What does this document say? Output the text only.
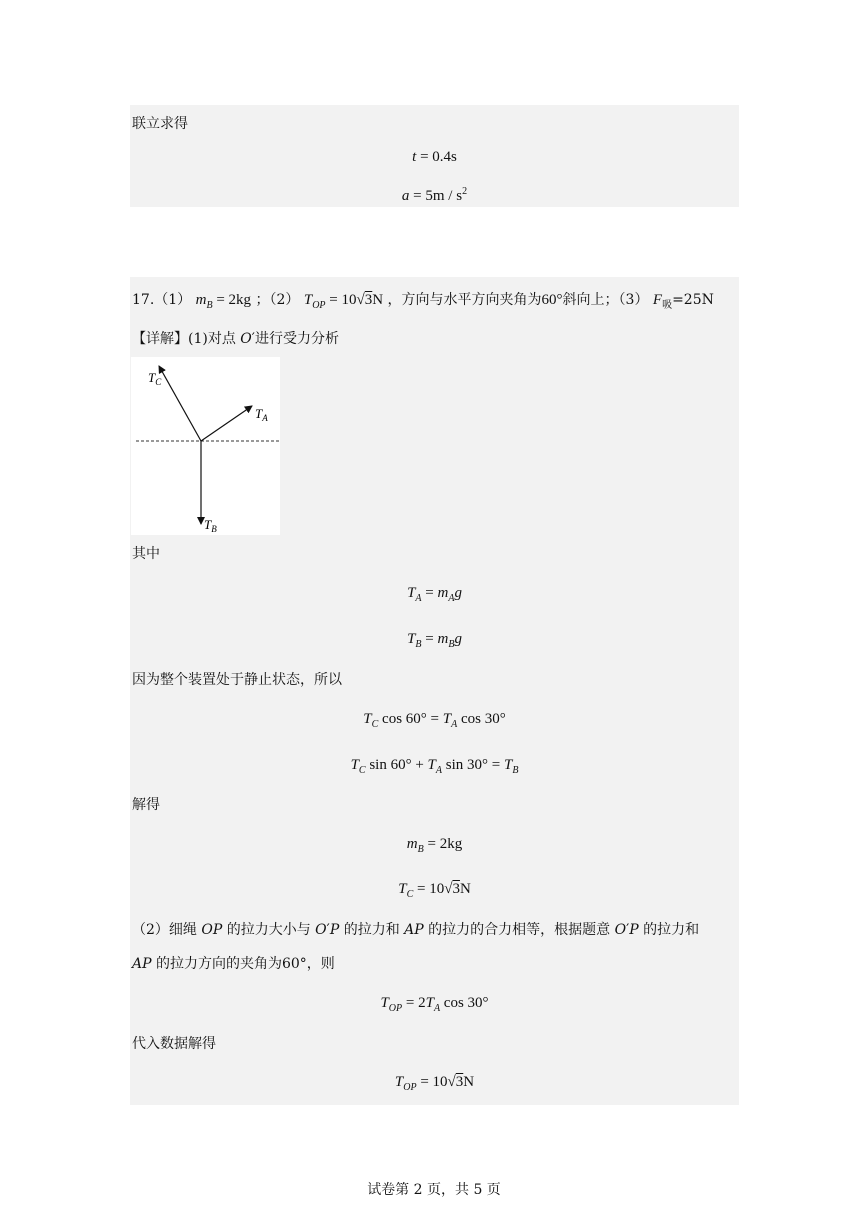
联立求得
t = 0.4s
$a = 5m / s^2$
17.（1） $m_B = 2kg$ ；（2） $T_{OP} = 10√3N$ ，方向与水平方向夹角为60°斜向上；（3） $F_吸=25N$
【详解】(1)对点 O′进行受力分析
$T_C$
$T_A$
$T_B$
其中
$T_A = m_Ag$
$T_B = m_Bg$
因为整个装置处于静止状态，所以
$T_C$ $\cos 60^\circ = T_A$ cos 30°
$T_C$ $\sin 60^\circ + T_A$ $\sin 30^\circ = T_B$
解得
$m_B = 2kg$
$T_C = 10√3N$
（2）细绳 OP 的拉力大小与 O′P 的拉力和 AP 的拉力的合力相等，根据题意 O′P 的拉力和
AP 的拉力方向的夹角为60°，则
$T_{OP} = 2T_A$ cos 30°
代入数据解得
$T_{OP} = 10√3N$
试卷第 2 页，共 5 页
